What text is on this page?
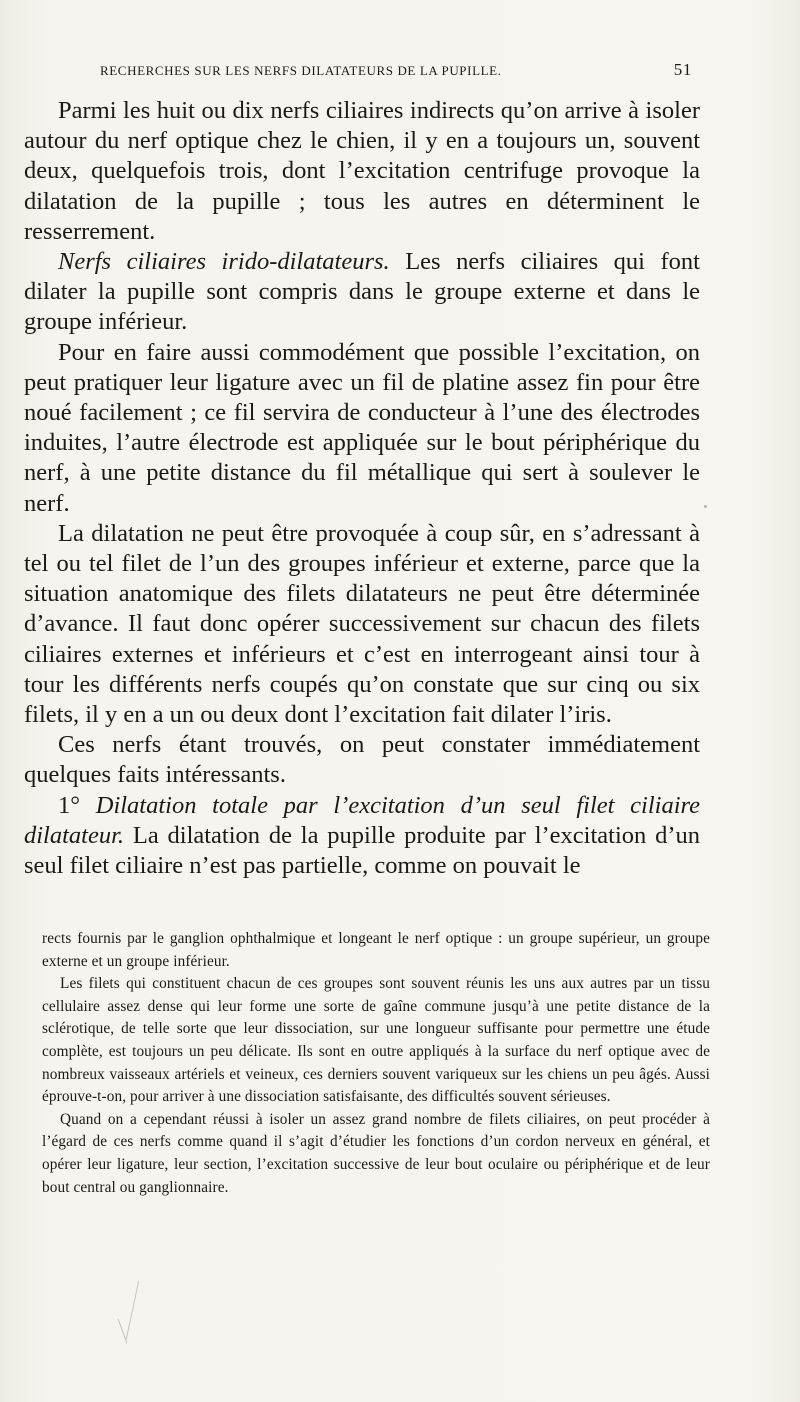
RECHERCHES SUR LES NERFS DILATATEURS DE LA PUPILLE.	51

Parmi les huit ou dix nerfs ciliaires indirects qu’on arrive à isoler autour du nerf optique chez le chien, il y en a toujours un, souvent deux, quelquefois trois, dont l’excitation centrifuge provoque la dilatation de la pupille ; tous les autres en déterminent le resserrement.

Nerfs ciliaires irido-dilatateurs. Les nerfs ciliaires qui font dilater la pupille sont compris dans le groupe externe et dans le groupe inférieur.

Pour en faire aussi commodément que possible l’excitation, on peut pratiquer leur ligature avec un fil de platine assez fin pour être noué facilement ; ce fil servira de conducteur à l’une des électrodes induites, l’autre électrode est appliquée sur le bout périphérique du nerf, à une petite distance du fil métallique qui sert à soulever le nerf.

La dilatation ne peut être provoquée à coup sûr, en s’adressant à tel ou tel filet de l’un des groupes inférieur et externe, parce que la situation anatomique des filets dilatateurs ne peut être déterminée d’avance. Il faut donc opérer successivement sur chacun des filets ciliaires externes et inférieurs et c’est en interrogeant ainsi tour à tour les différents nerfs coupés qu’on constate que sur cinq ou six filets, il y en a un ou deux dont l’excitation fait dilater l’iris.

Ces nerfs étant trouvés, on peut constater immédiatement quelques faits intéressants.

1° Dilatation totale par l’excitation d’un seul filet ciliaire dilatateur. La dilatation de la pupille produite par l’excitation d’un seul filet ciliaire n’est pas partielle, comme on pouvait le

rects fournis par le ganglion ophthalmique et longeant le nerf optique : un groupe supérieur, un groupe externe et un groupe inférieur.

Les filets qui constituent chacun de ces groupes sont souvent réunis les uns aux autres par un tissu cellulaire assez dense qui leur forme une sorte de gaîne commune jusqu’à une petite distance de la sclérotique, de telle sorte que leur dissociation, sur une longueur suffisante pour permettre une étude complète, est toujours un peu délicate. Ils sont en outre appliqués à la surface du nerf optique avec de nombreux vaisseaux artériels et veineux, ces derniers souvent variqueux sur les chiens un peu âgés. Aussi éprouve-t-on, pour arriver à une dissociation satisfaisante, des difficultés souvent sérieuses.

Quand on a cependant réussi à isoler un assez grand nombre de filets ciliaires, on peut procéder à l’égard de ces nerfs comme quand il s’agit d’étudier les fonctions d’un cordon nerveux en général, et opérer leur ligature, leur section, l’excitation successive de leur bout oculaire ou périphérique et de leur bout central ou ganglionnaire.
